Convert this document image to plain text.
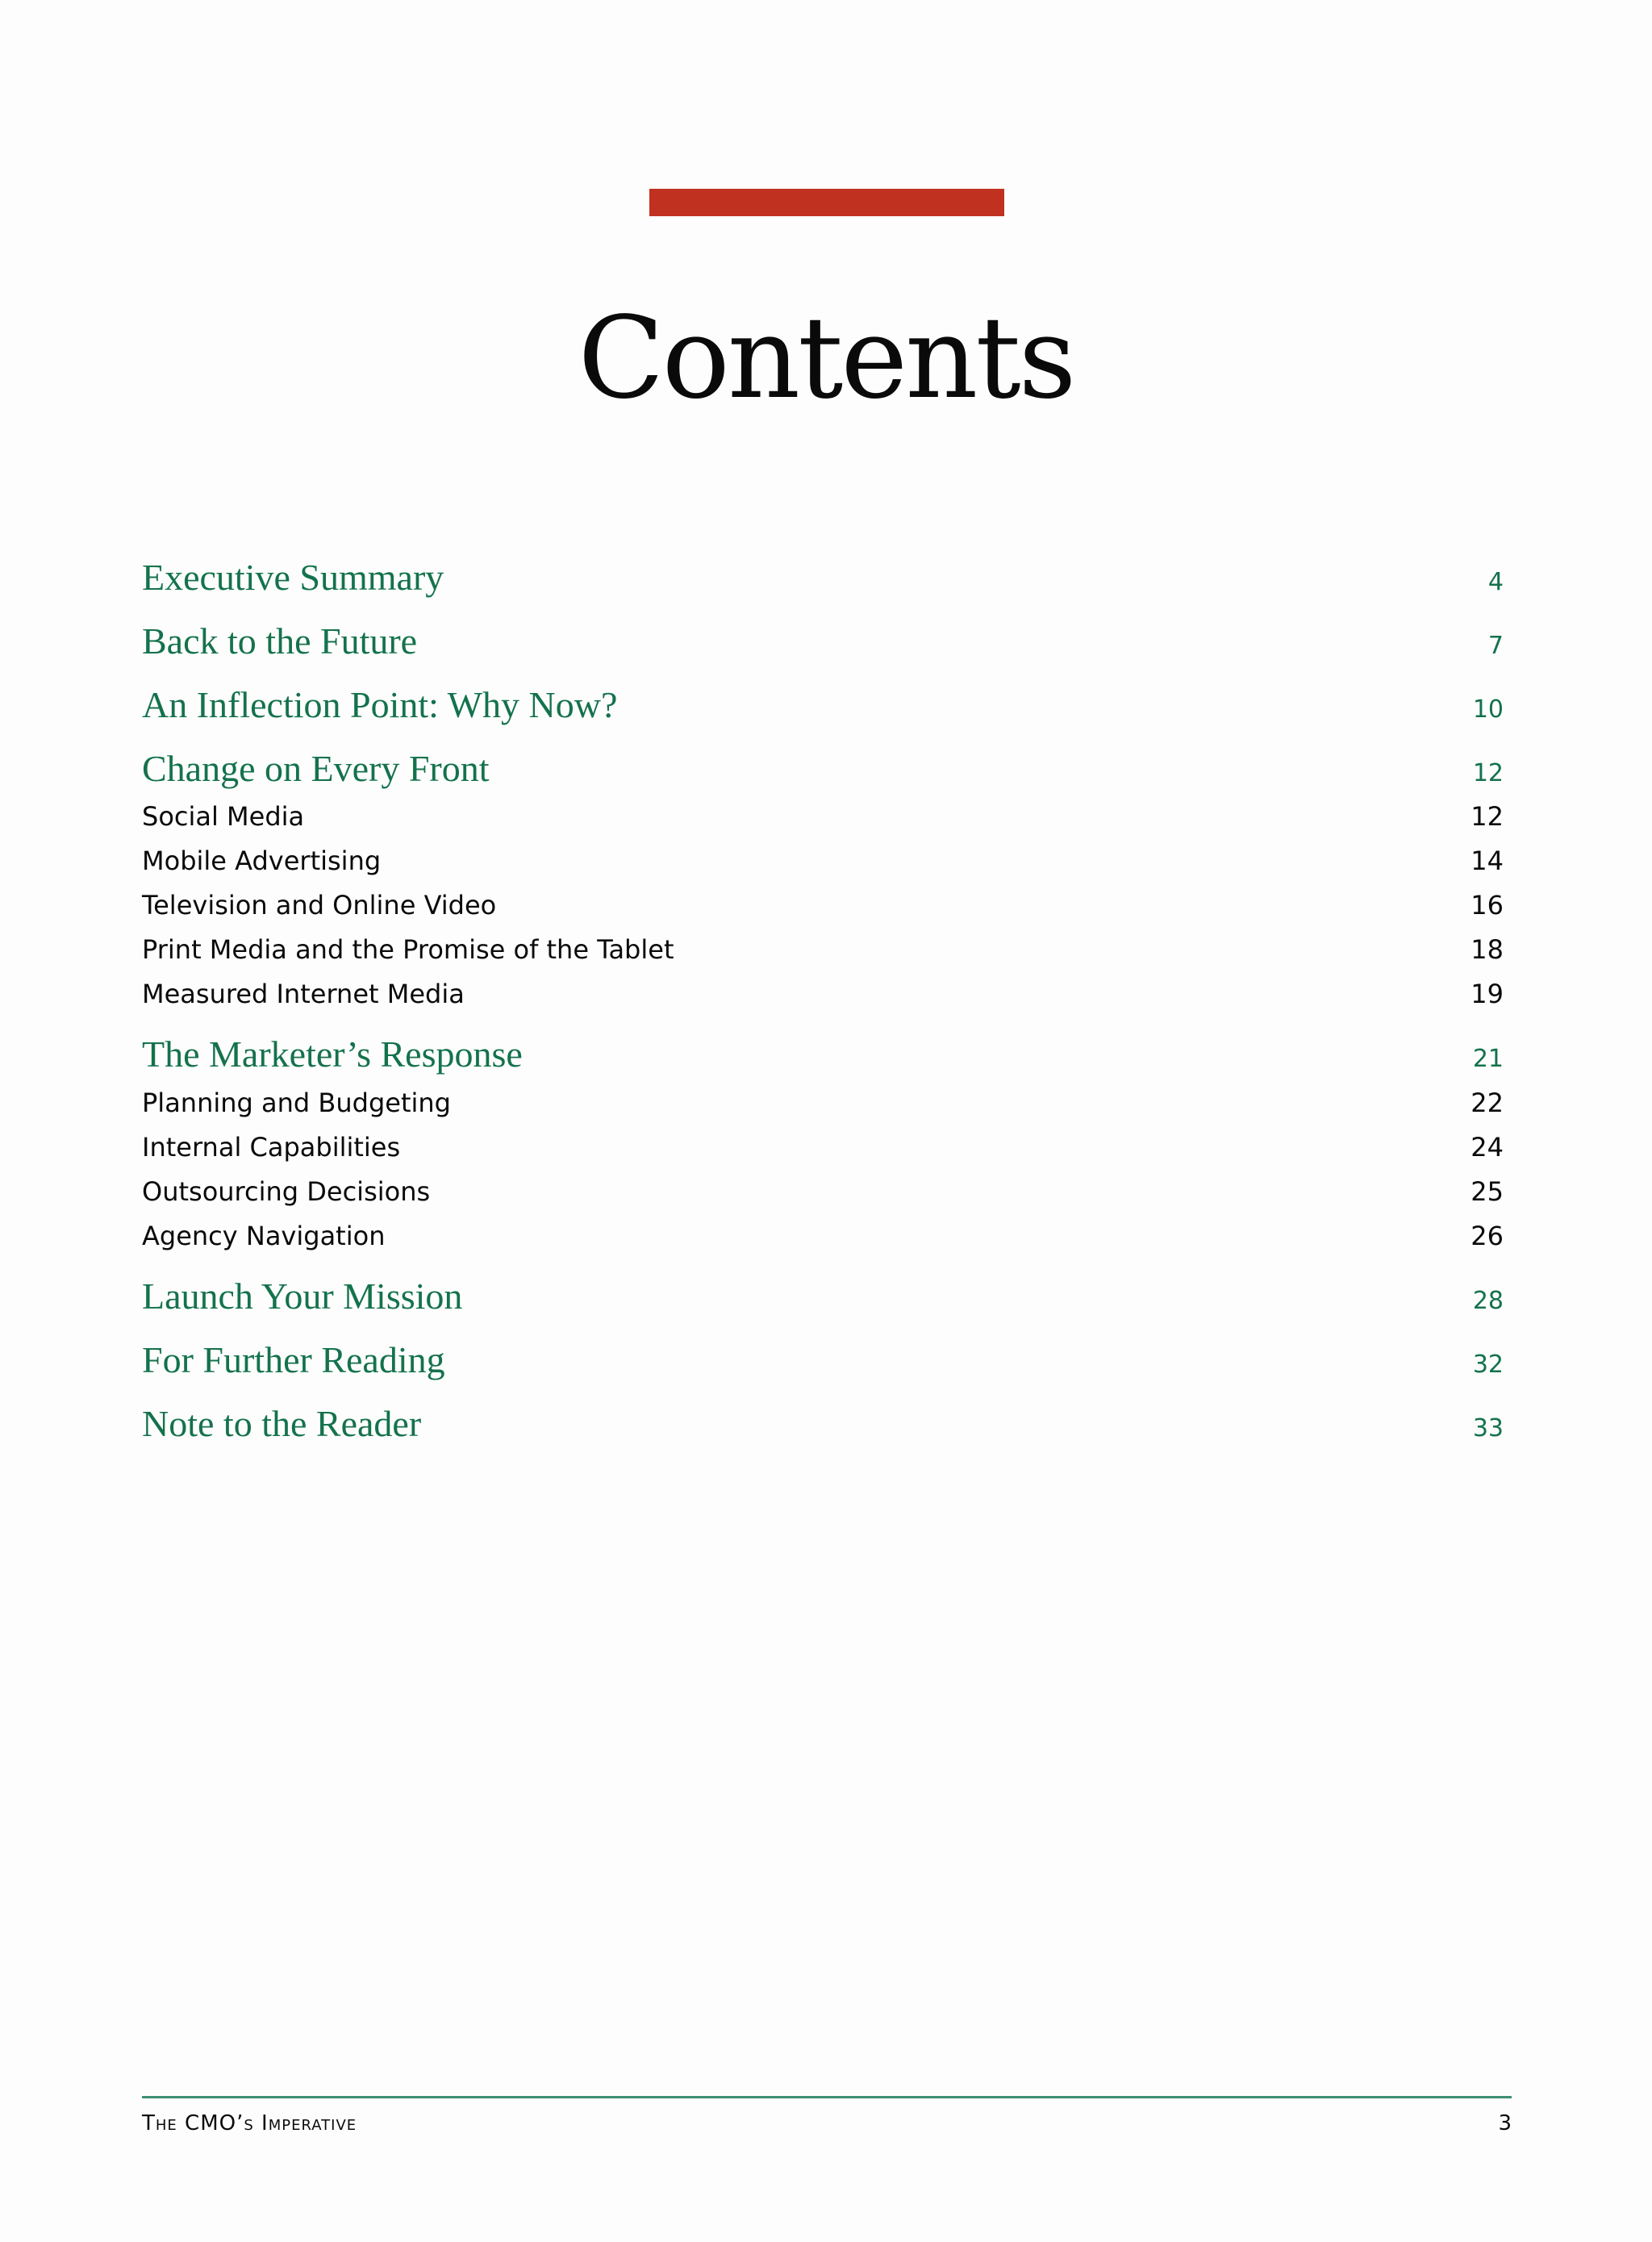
Contents
Executive Summary	4
Back to the Future	7
An Inflection Point: Why Now?	10
Change on Every Front	12
Social Media	12
Mobile Advertising	14
Television and Online Video	16
Print Media and the Promise of the Tablet	18
Measured Internet Media	19
The Marketer’s Response	21
Planning and Budgeting	22
Internal Capabilities	24
Outsourcing Decisions	25
Agency Navigation	26
Launch Your Mission	28
For Further Reading	32
Note to the Reader	33
The CMO’s Imperative	3
